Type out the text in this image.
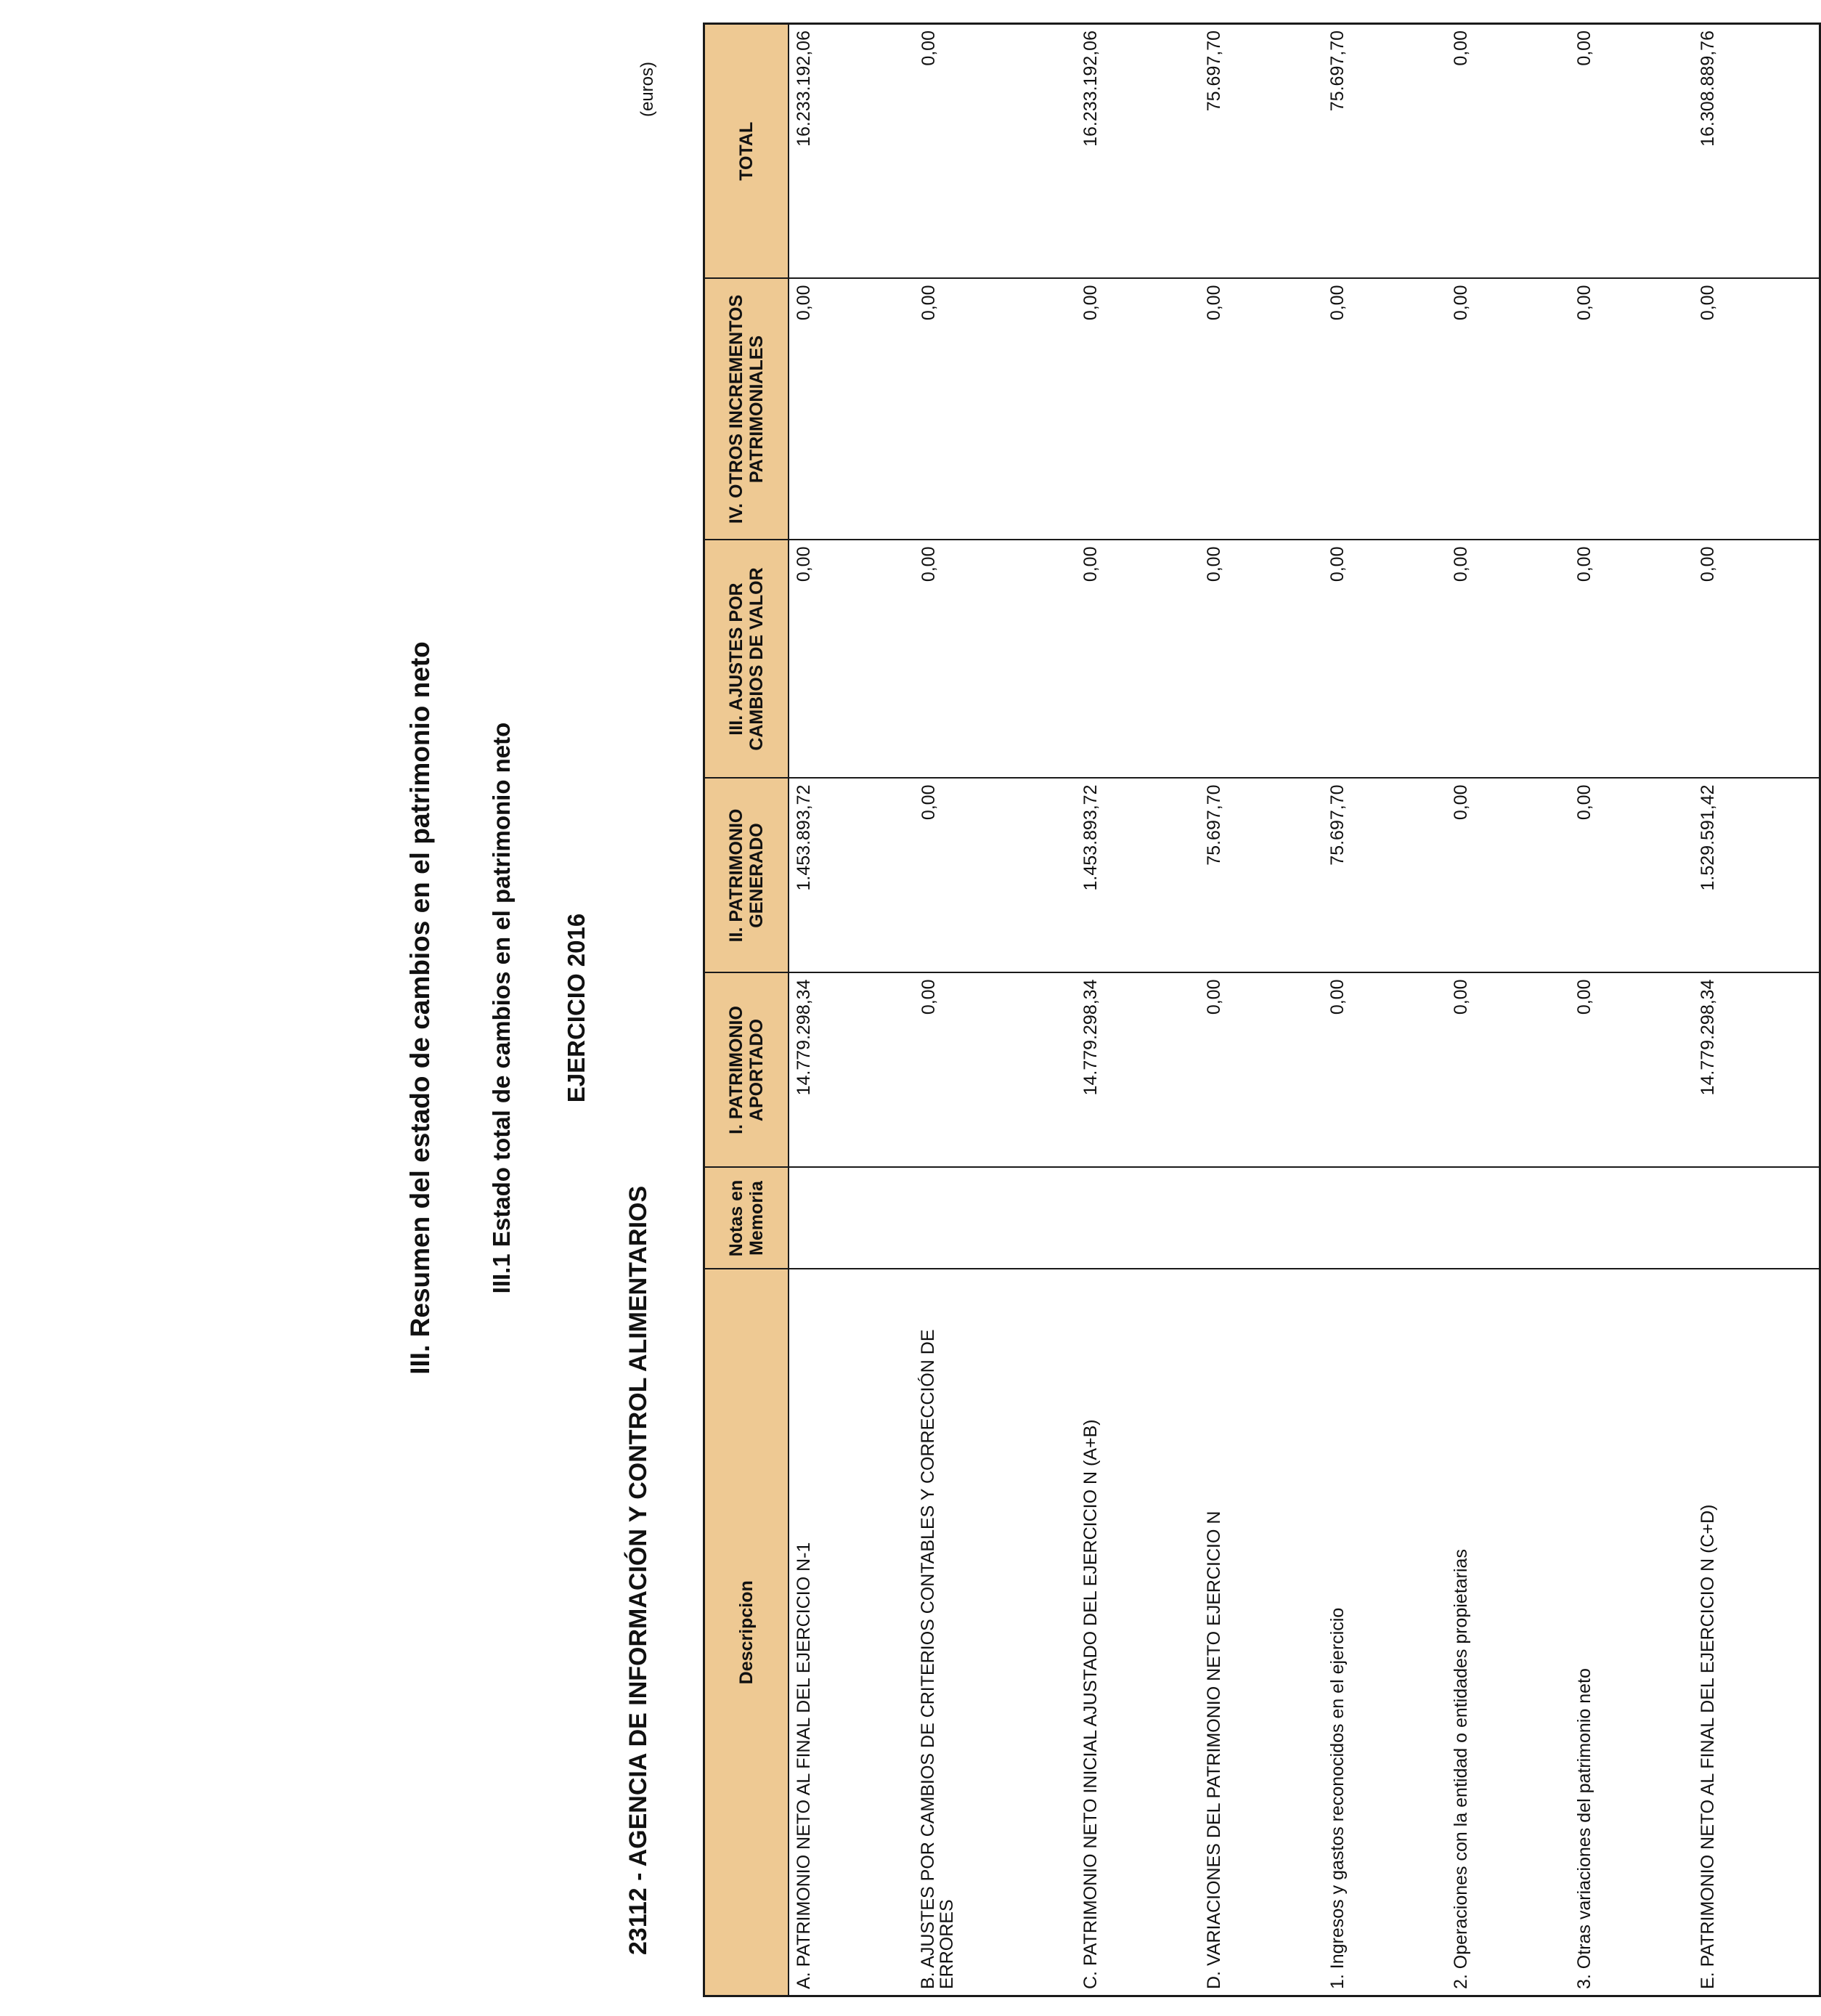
III. Resumen del estado de cambios en el patrimonio neto III.1 Estado total de cambios en el patrimonio neto EJERCICIO 2016
23112 - AGENCIA DE INFORMACIÓN Y CONTROL ALIMENTARIOS
(euros)
Descripcion	Notas en Memoria	I. PATRIMONIO APORTADO	II. PATRIMONIO GENERADO	III. AJUSTES POR CAMBIOS DE VALOR	IV. OTROS INCREMENTOS PATRIMONIALES	TOTAL
A. PATRIMONIO NETO AL FINAL DEL EJERCICIO N-1		14.779.298,34	1.453.893,72	0,00	0,00	16.233.192,06
B. AJUSTES POR CAMBIOS DE CRITERIOS CONTABLES Y CORRECCIÓN DE ERRORES		0,00	0,00	0,00	0,00	0,00
C. PATRIMONIO NETO INICIAL AJUSTADO DEL EJERCICIO N (A+B)		14.779.298,34	1.453.893,72	0,00	0,00	16.233.192,06
D. VARIACIONES DEL PATRIMONIO NETO EJERCICIO N		0,00	75.697,70	0,00	0,00	75.697,70
1. Ingresos y gastos reconocidos en el ejercicio		0,00	75.697,70	0,00	0,00	75.697,70
2. Operaciones con la entidad o entidades propietarias		0,00	0,00	0,00	0,00	0,00
3. Otras variaciones del patrimonio neto		0,00	0,00	0,00	0,00	0,00
E. PATRIMONIO NETO AL FINAL DEL EJERCICIO N (C+D)		14.779.298,34	1.529.591,42	0,00	0,00	16.308.889,76
